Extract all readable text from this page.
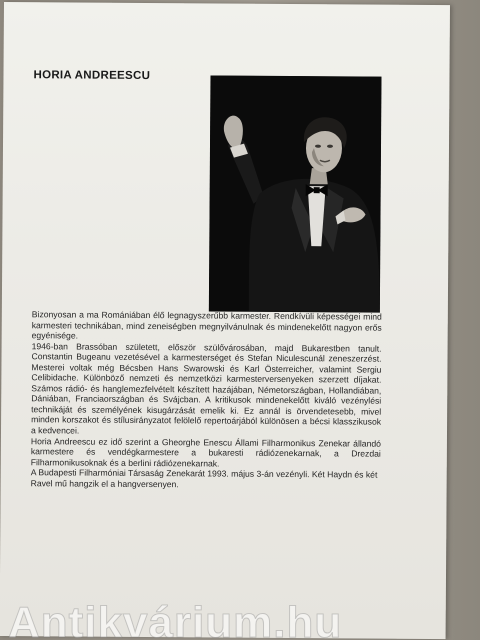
HORIA ANDREESCU

Bizonyosan a ma Romániában élő legnagyszerűbb karmester. Rendkívüli képességei mind karmesteri technikában, mind zeneiségben megnyilvánulnak és mindenekelőtt nagyon erős egyénisége.

1946-ban Brassóban született, először szülővárosában, majd Bukarestben tanult. Constantin Bugeanu vezetésével a karmesterséget és Stefan Niculescunál zeneszerzést. Mesterei voltak még Bécsben Hans Swarowski és Karl Österreicher, valamint Sergiu Celibidache. Különböző nemzeti és nemzetközi karmesterversenyeken szerzett díjakat. Számos rádió- és hanglemezfelvételt készített hazájában, Németországban, Hollandiában, Dániában, Franciaországban és Svájcban. A kritikusok mindenekelőtt kiváló vezénylési technikáját és személyének kisugárzását emelik ki. Ez annál is örvendetesebb, mivel minden korszakot és stílusirányzatot felölelő repertoárjából különösen a bécsi klasszikusok a kedvencei.

Horia Andreescu ez idő szerint a Gheorghe Enescu Állami Filharmonikus Zenekar állandó karmestere és vendégkarmestere a bukaresti rádiózenekarnak, a Drezdai Filharmonikusoknak és a berlini rádiózenekarnak.

A Budapesti Filharmóniai Társaság Zenekarát 1993. május 3-án vezényli. Két Haydn és két Ravel mű hangzik el a hangversenyen.

Antikvárium.hu
